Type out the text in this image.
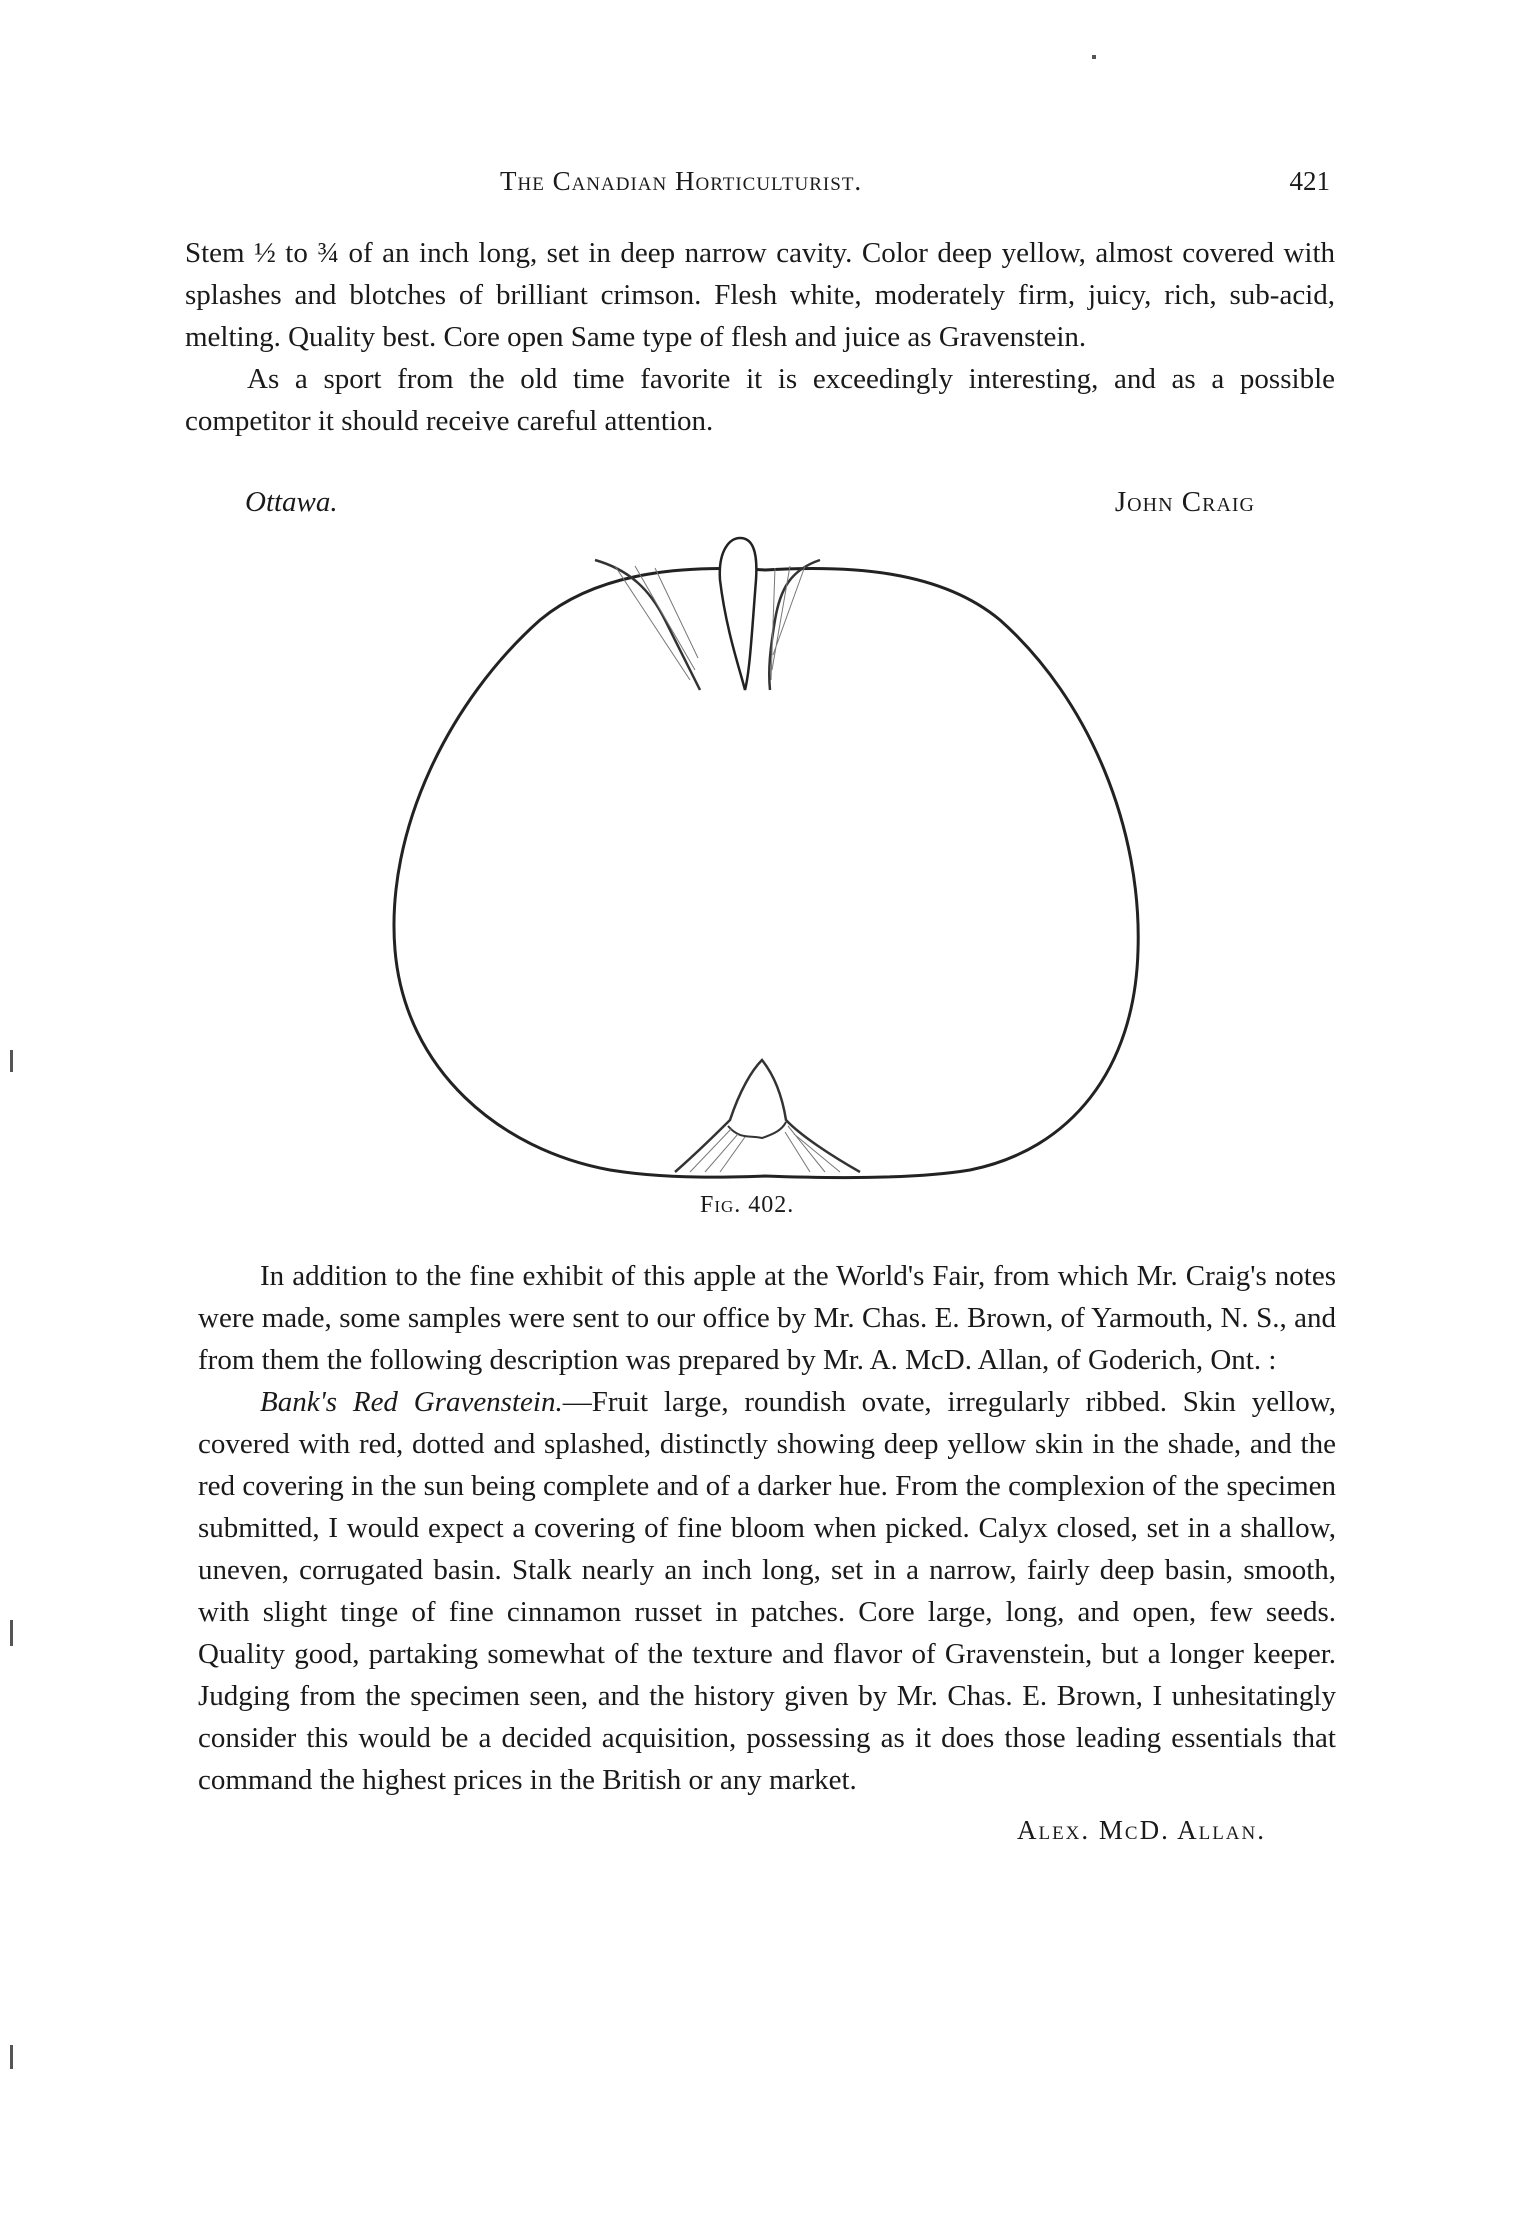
The Canadian Horticulturist.	421

Stem ½ to ¾ of an inch long, set in deep narrow cavity. Color deep yellow, almost covered with splashes and blotches of brilliant crimson. Flesh white, moderately firm, juicy, rich, sub-acid, melting. Quality best. Core open Same type of flesh and juice as Gravenstein.

As a sport from the old time favorite it is exceedingly interesting, and as a possible competitor it should receive careful attention.

Ottawa.	John Craig
Fig. 402.

In addition to the fine exhibit of this apple at the World's Fair, from which Mr. Craig's notes were made, some samples were sent to our office by Mr. Chas. E. Brown, of Yarmouth, N. S., and from them the following description was prepared by Mr. A. McD. Allan, of Goderich, Ont. :

Bank's Red Gravenstein.—Fruit large, roundish ovate, irregularly ribbed. Skin yellow, covered with red, dotted and splashed, distinctly showing deep yellow skin in the shade, and the red covering in the sun being complete and of a darker hue. From the complexion of the specimen submitted, I would expect a covering of fine bloom when picked. Calyx closed, set in a shallow, uneven, corrugated basin. Stalk nearly an inch long, set in a narrow, fairly deep basin, smooth, with slight tinge of fine cinnamon russet in patches. Core large, long, and open, few seeds. Quality good, partaking somewhat of the texture and flavor of Gravenstein, but a longer keeper. Judging from the specimen seen, and the history given by Mr. Chas. E. Brown, I unhesitatingly consider this would be a decided acquisition, possessing as it does those leading essentials that command the highest prices in the British or any market.

Alex. McD. Allan.
